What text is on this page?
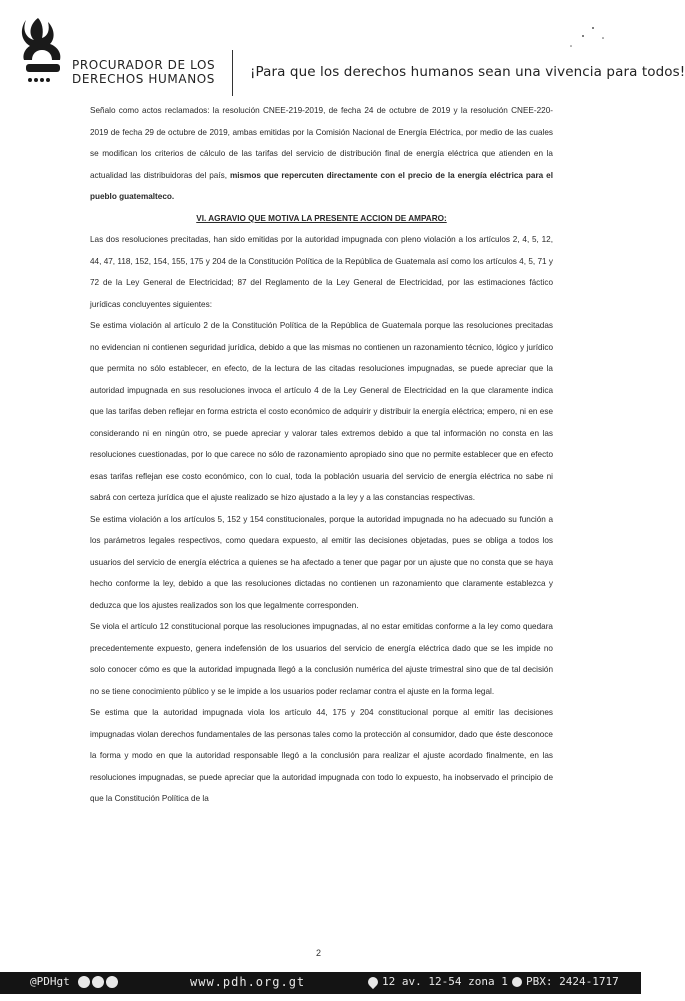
PROCURADOR DE LOS
DERECHOS HUMANOS	¡Para que los derechos humanos sean una vivencia para todos!

Señalo como actos reclamados: la resolución CNEE-219-2019, de fecha 24 de octubre de 2019 y la resolución CNEE-220-2019 de fecha 29 de octubre de 2019, ambas emitidas por la Comisión Nacional de Energía Eléctrica, por medio de las cuales se modifican los criterios de cálculo de las tarifas del servicio de distribución final de energía eléctrica que atienden en la actualidad las distribuidoras del país, mismos que repercuten directamente con el precio de la energía eléctrica para el pueblo guatemalteco.

VI. AGRAVIO QUE MOTIVA LA PRESENTE ACCION DE AMPARO:

Las dos resoluciones precitadas, han sido emitidas por la autoridad impugnada con pleno violación a los artículos 2, 4, 5, 12, 44, 47, 118, 152, 154, 155, 175 y 204 de la Constitución Política de la República de Guatemala así como los artículos 4, 5, 71 y 72 de la Ley General de Electricidad; 87 del Reglamento de la Ley General de Electricidad, por las estimaciones fáctico jurídicas concluyentes siguientes:

Se estima violación al artículo 2 de la Constitución Política de la República de Guatemala porque las resoluciones precitadas no evidencian ni contienen seguridad jurídica, debido a que las mismas no contienen un razonamiento técnico, lógico y jurídico que permita no sólo establecer, en efecto, de la lectura de las citadas resoluciones impugnadas, se puede apreciar que la autoridad impugnada en sus resoluciones invoca el artículo 4 de la Ley General de Electricidad en la que claramente indica que las tarifas deben reflejar en forma estricta el costo económico de adquirir y distribuir la energía eléctrica; empero, ni en ese considerando ni en ningún otro, se puede apreciar y valorar tales extremos debido a que tal información no consta en las resoluciones cuestionadas, por lo que carece no sólo de razonamiento apropiado sino que no permite establecer que en efecto esas tarifas reflejan ese costo económico, con lo cual, toda la población usuaria del servicio de energía eléctrica no sabe ni sabrá con certeza jurídica que el ajuste realizado se hizo ajustado a la ley y a las constancias respectivas.

Se estima violación a los artículos 5, 152 y 154 constitucionales, porque la autoridad impugnada no ha adecuado su función a los parámetros legales respectivos, como quedara expuesto, al emitir las decisiones objetadas, pues se obliga a todos los usuarios del servicio de energía eléctrica a quienes se ha afectado a tener que pagar por un ajuste que no consta que se haya hecho conforme la ley, debido a que las resoluciones dictadas no contienen un razonamiento que claramente establezca y deduzca que los ajustes realizados son los que legalmente corresponden.

Se viola el artículo 12 constitucional porque las resoluciones impugnadas, al no estar emitidas conforme a la ley como quedara precedentemente expuesto, genera indefensión de los usuarios del servicio de energía eléctrica dado que se les impide no solo conocer cómo es que la autoridad impugnada llegó a la conclusión numérica del ajuste trimestral sino que de tal decisión no se tiene conocimiento público y se le impide a los usuarios poder reclamar contra el ajuste en la forma legal.

Se estima que la autoridad impugnada viola los artículo 44, 175 y 204 constitucional porque al emitir las decisiones impugnadas violan derechos fundamentales de las personas tales como la protección al consumidor, dado que éste desconoce la forma y modo en que la autoridad responsable llegó a la conclusión para realizar el ajuste acordado finalmente, en las resoluciones impugnadas, se puede apreciar que la autoridad impugnada con todo lo expuesto, ha inobservado el principio de que la Constitución Política de la

2
@PDHgt	www.pdh.org.gt	12 av. 12-54 zona 1	PBX: 2424-1717
